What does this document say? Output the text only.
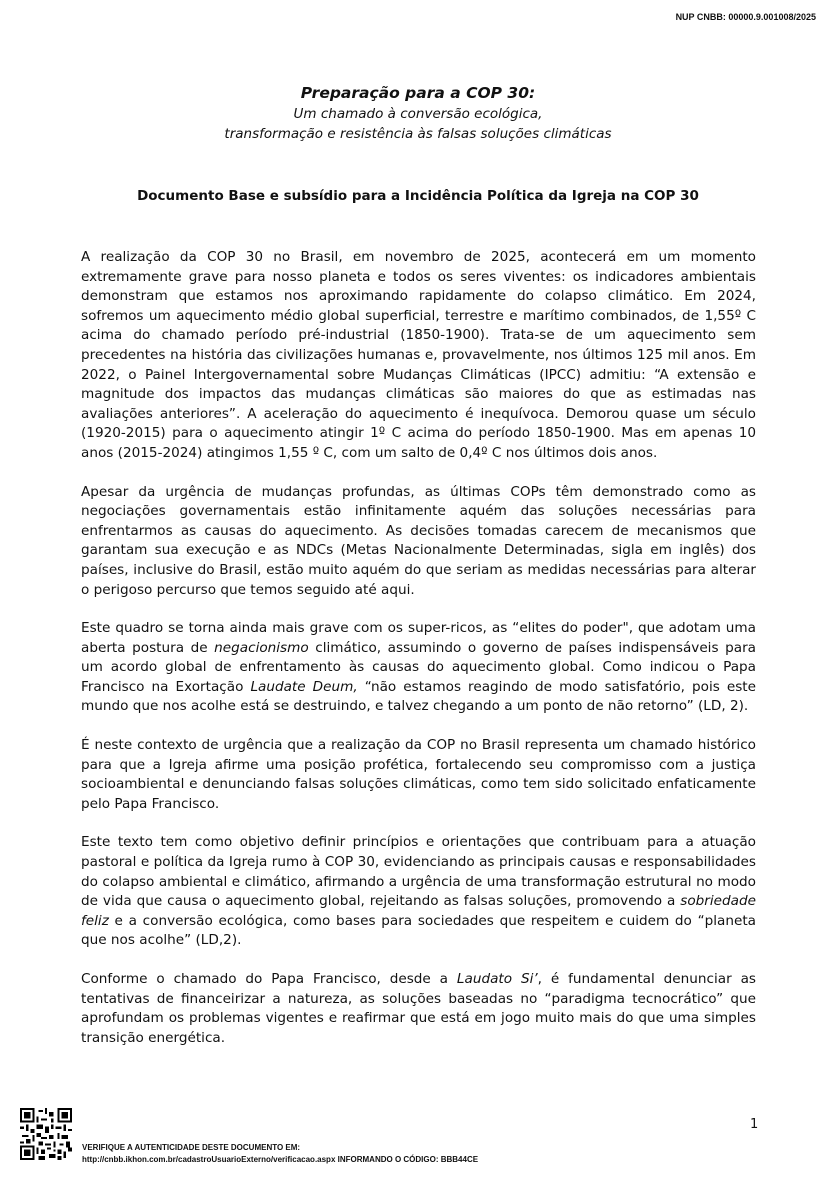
NUP CNBB: 00000.9.001008/2025

Preparação para a COP 30:

Um chamado à conversão ecológica,

transformação e resistência às falsas soluções climáticas

Documento Base e subsídio para a Incidência Política da Igreja na COP 30

A realização da COP 30 no Brasil, em novembro de 2025, acontecerá em um momento extremamente grave para nosso planeta e todos os seres viventes: os indicadores ambientais demonstram que estamos nos aproximando rapidamente do colapso climático. Em 2024, sofremos um aquecimento médio global superficial, terrestre e marítimo combinados, de 1,55º C acima do chamado período pré-industrial (1850-1900). Trata-se de um aquecimento sem precedentes na história das civilizações humanas e, provavelmente, nos últimos 125 mil anos. Em 2022, o Painel Intergovernamental sobre Mudanças Climáticas (IPCC) admitiu: “A extensão e magnitude dos impactos das mudanças climáticas são maiores do que as estimadas nas avaliações anteriores”. A aceleração do aquecimento é inequívoca. Demorou quase um século (1920-2015) para o aquecimento atingir 1º C acima do período 1850-1900. Mas em apenas 10 anos (2015-2024) atingimos 1,55 º C, com um salto de 0,4º C nos últimos dois anos.

Apesar da urgência de mudanças profundas, as últimas COPs têm demonstrado como as negociações governamentais estão infinitamente aquém das soluções necessárias para enfrentarmos as causas do aquecimento. As decisões tomadas carecem de mecanismos que garantam sua execução e as NDCs (Metas Nacionalmente Determinadas, sigla em inglês) dos países, inclusive do Brasil, estão muito aquém do que seriam as medidas necessárias para alterar o perigoso percurso que temos seguido até aqui.

Este quadro se torna ainda mais grave com os super-ricos, as “elites do poder", que adotam uma aberta postura de negacionismo climático, assumindo o governo de países indispensáveis para um acordo global de enfrentamento às causas do aquecimento global. Como indicou o Papa Francisco na Exortação Laudate Deum, “não estamos reagindo de modo satisfatório, pois este mundo que nos acolhe está se destruindo, e talvez chegando a um ponto de não retorno” (LD, 2).

É neste contexto de urgência que a realização da COP no Brasil representa um chamado histórico para que a Igreja afirme uma posição profética, fortalecendo seu compromisso com a justiça socioambiental e denunciando falsas soluções climáticas, como tem sido solicitado enfaticamente pelo Papa Francisco.

Este texto tem como objetivo definir princípios e orientações que contribuam para a atuação pastoral e política da Igreja rumo à COP 30, evidenciando as principais causas e responsabilidades do colapso ambiental e climático, afirmando a urgência de uma transformação estrutural no modo de vida que causa o aquecimento global, rejeitando as falsas soluções, promovendo a sobriedade feliz e a conversão ecológica, como bases para sociedades que respeitem e cuidem do “planeta que nos acolhe” (LD,2).

Conforme o chamado do Papa Francisco, desde a Laudato Si’, é fundamental denunciar as tentativas de financeirizar a natureza, as soluções baseadas no “paradigma tecnocrático” que aprofundam os problemas vigentes e reafirmar que está em jogo muito mais do que uma simples transição energética.

1
VERIFIQUE A AUTENTICIDADE DESTE DOCUMENTO EM:
http://cnbb.ikhon.com.br/cadastroUsuarioExterno/verificacao.aspx INFORMANDO O CÓDIGO: BBB44CE
